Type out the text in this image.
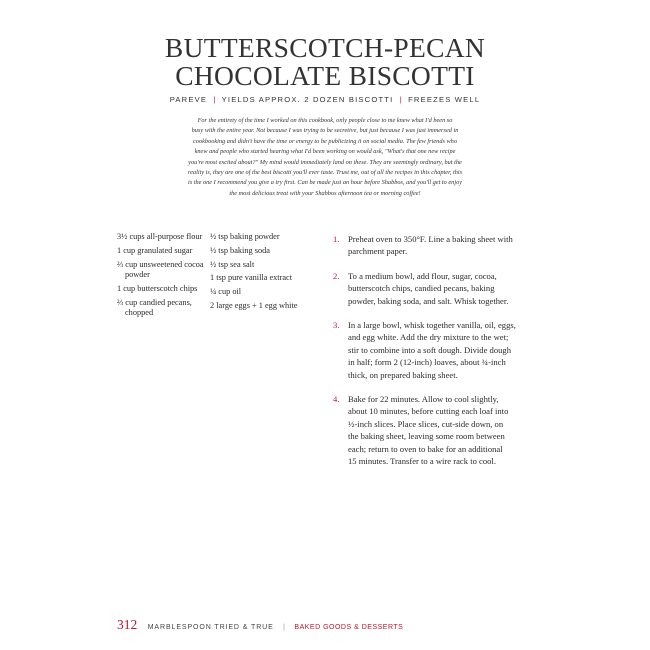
BUTTERSCOTCH-PECAN
CHOCOLATE BISCOTTI
PAREVE | YIELDS APPROX. 2 DOZEN BISCOTTI | FREEZES WELL
For the entirety of the time I worked on this cookbook, only people close to me knew what I'd been so
busy with the entire year. Not because I was trying to be secretive, but just because I was just immersed in
cookbooking and didn't have the time or energy to be publicizing it on social media. The few friends who
knew and people who started hearing what I'd been working on would ask, "What's that one new recipe
you're most excited about?" My mind would immediately land on these. They are seemingly ordinary, but the
reality is, they are one of the best biscotti you'll ever taste. Trust me, out of all the recipes in this chapter, this
is the one I recommend you give a try first. Can be made just an hour before Shabbos, and you'll get to enjoy
the most delicious treat with your Shabbos afternoon tea or morning coffee!
3½ cups all-purpose flour
1 cup granulated sugar
⅔ cup unsweetened cocoa powder
1 cup butterscotch chips
⅔ cup candied pecans, chopped
½ tsp baking powder
½ tsp baking soda
½ tsp sea salt
1 tsp pure vanilla extract
¼ cup oil
2 large eggs + 1 egg white
1. Preheat oven to 350°F. Line a baking sheet with
parchment paper.
2. To a medium bowl, add flour, sugar, cocoa,
butterscotch chips, candied pecans, baking
powder, baking soda, and salt. Whisk together.
3. In a large bowl, whisk together vanilla, oil, eggs,
and egg white. Add the dry mixture to the wet;
stir to combine into a soft dough. Divide dough
in half; form 2 (12-inch) loaves, about ¾-inch
thick, on prepared baking sheet.
4. Bake for 22 minutes. Allow to cool slightly,
about 10 minutes, before cutting each loaf into
½-inch slices. Place slices, cut-side down, on
the baking sheet, leaving some room between
each; return to oven to bake for an additional
15 minutes. Transfer to a wire rack to cool.
312 MARBLESPOON TRIED & TRUE | BAKED GOODS & DESSERTS
